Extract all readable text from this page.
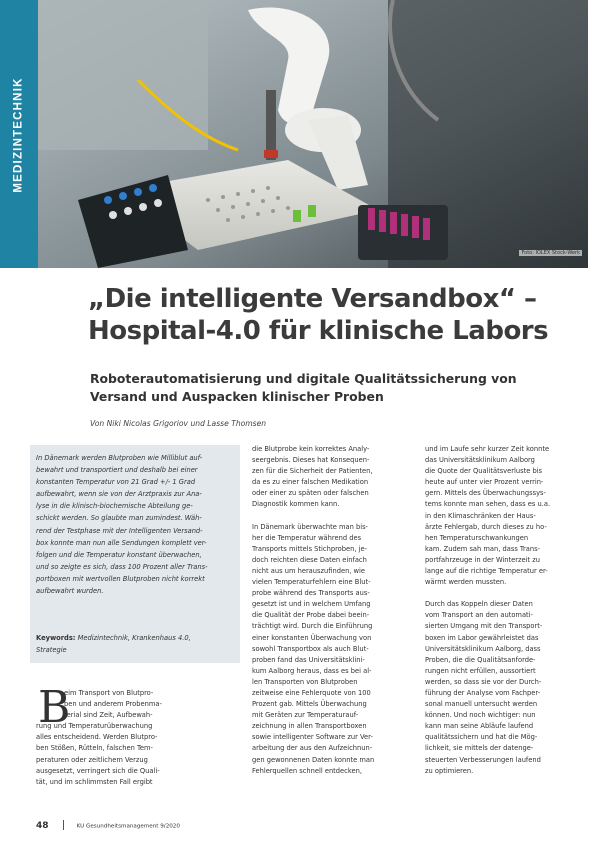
MEDIZINTECHNIK
Foto: IOLEX Stock-Werk
„Die intelligente Versandbox“ –
Hospital-4.0 für klinische Labors
Roboterautomatisierung und digitale Qualitätssicherung von
Versand und Auspacken klinischer Proben
Von Niki Nicolas Grigoriov und Lasse Thomsen
In Dänemark werden Blutproben wie Milliblut auf-
bewahrt und transportiert und deshalb bei einer
konstanten Temperatur von 21 Grad +/- 1 Grad
aufbewahrt, wenn sie von der Arztpraxis zur Ana-
lyse in die klinisch-biochemische Abteilung ge-
schickt werden. So glaubte man zumindest. Wäh-
rend der Testphase mit der Intelligenten Versand-
box konnte man nun alle Sendungen komplett ver-
folgen und die Temperatur konstant überwachen,
und so zeigte es sich, dass 100 Prozent aller Trans-
portboxen mit wertvollen Blutproben nicht korrekt
aufbewahrt wurden.
Keywords: Medizintechnik, Krankenhaus 4.0,
Strategie
B
eim Transport von Blutpro-
ben und anderem Probenma-
terial sind Zeit, Aufbewah-
rung und Temperaturüberwachung
alles entscheidend. Werden Blutpro-
ben Stößen, Rütteln, falschen Tem-
peraturen oder zeitlichem Verzug
ausgesetzt, verringert sich die Quali-
tät, und im schlimmsten Fall ergibt
die Blutprobe kein korrektes Analy-
seergebnis. Dieses hat Konsequen-
zen für die Sicherheit der Patienten,
da es zu einer falschen Medikation
oder einer zu späten oder falschen
Diagnostik kommen kann.
In Dänemark überwachte man bis-
her die Temperatur während des
Transports mittels Stichproben, je-
doch reichten diese Daten einfach
nicht aus um herauszufinden, wie
vielen Temperaturfehlern eine Blut-
probe während des Transports aus-
gesetzt ist und in welchem Umfang
die Qualität der Probe dabei beein-
trächtigt wird. Durch die Einführung
einer konstanten Überwachung von
sowohl Transportbox als auch Blut-
proben fand das Universitätsklini-
kum Aalborg heraus, dass es bei al-
len Transporten von Blutproben
zeitweise eine Fehlerquote von 100
Prozent gab. Mittels Überwachung
mit Geräten zur Temperaturauf-
zeichnung in allen Transportboxen
sowie intelligenter Software zur Ver-
arbeitung der aus den Aufzeichnun-
gen gewonnenen Daten konnte man
Fehlerquellen schnell entdecken,
und im Laufe sehr kurzer Zeit konnte
das Universitätsklinikum Aalborg
die Quote der Qualitätsverluste bis
heute auf unter vier Prozent verrin-
gern. Mittels des Überwachungssys-
tems konnte man sehen, dass es u.a.
in den Klimaschränken der Haus-
ärzte Fehlergab, durch dieses zu ho-
hen Temperaturschwankungen
kam. Zudem sah man, dass Trans-
portfahrzeuge in der Winterzeit zu
lange auf die richtige Temperatur er-
wärmt werden mussten.
Durch das Koppeln dieser Daten
vom Transport an den automati-
sierten Umgang mit den Transport-
boxen im Labor gewährleistet das
Universitätsklinikum Aalborg, dass
Proben, die die Qualitätsanforde-
rungen nicht erfüllen, aussortiert
werden, so dass sie vor der Durch-
führung der Analyse vom Fachper-
sonal manuell untersucht werden
können. Und noch wichtiger: nun
kann man seine Abläufe laufend
qualitätssichern und hat die Mög-
lichkeit, sie mittels der datenge-
steuerten Verbesserungen laufend
zu optimieren.
48	KU Gesundheitsmanagement 9/2020
